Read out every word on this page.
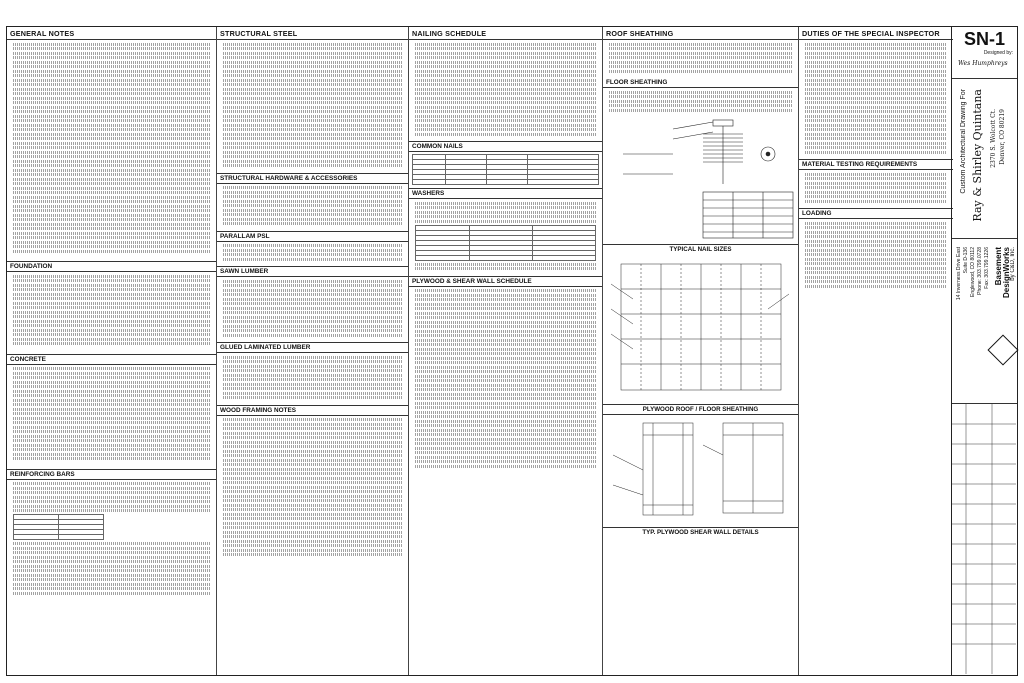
GENERAL NOTES
FOUNDATION
CONCRETE
REINFORCING BARS

STRUCTURAL STEEL
STRUCTURAL HARDWARE & ACCESSORIES
PARALLAM PSL
SAWN LUMBER
GLUED LAMINATED LUMBER
WOOD FRAMING NOTES
NAILING SCHEDULE
COMMON NAILS

WASHERS

PLYWOOD & SHEAR WALL SCHEDULE
ROOF SHEATHING
FLOOR SHEATHING
TYPICAL NAIL SIZES
PLYWOOD ROOF / FLOOR SHEATHING
TYP. PLYWOOD SHEAR WALL DETAILS
DUTIES OF THE SPECIAL INSPECTOR
MATERIAL TESTING REQUIREMENTS
LOADING
SN-1
Designed by:
Wes Humphreys
Custom Architectural Drawing For Ray & Shirley Quintana 2370 S. Wolcott Ct. Denver, CO 80219
14 Inverness Drive East Suite D-136 Englewood, CO 80112 Phone: 303.799.0728 Fax: 303.799.1226 Basement DesignWorks by C&D, Inc.
